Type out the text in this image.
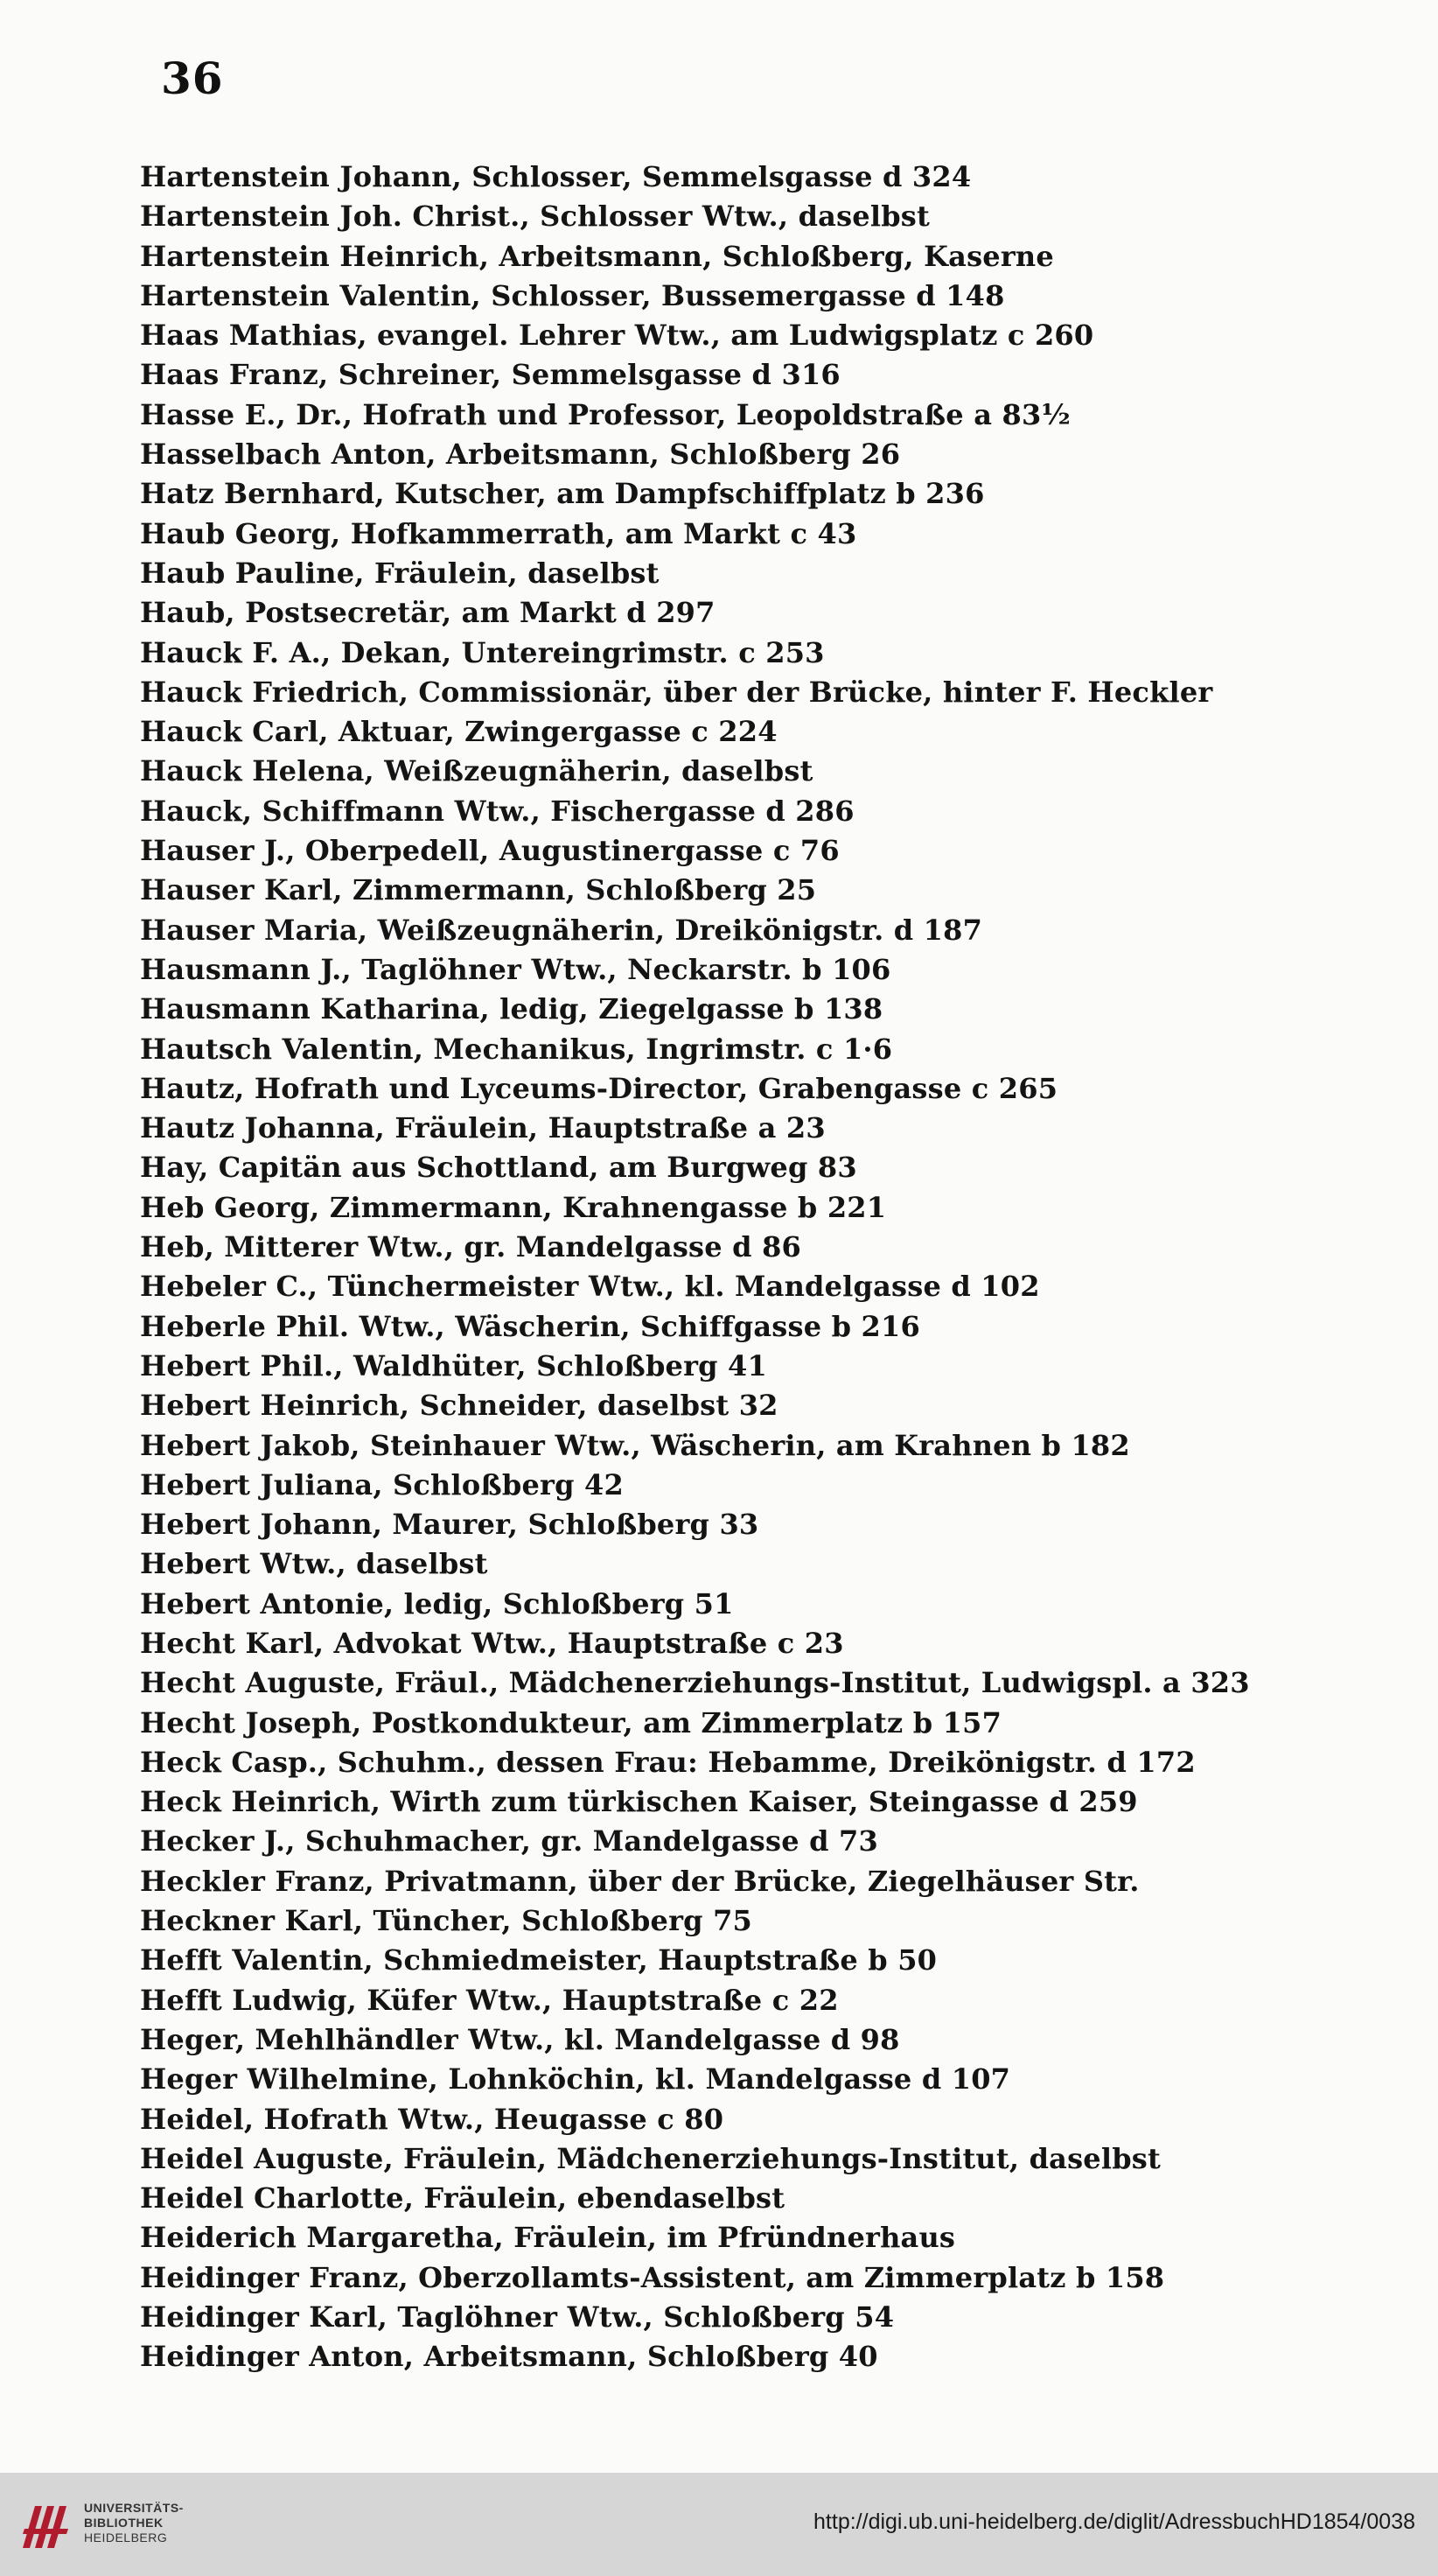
36
Hartenstein Johann, Schlosser, Semmelsgasse d 324
Hartenstein Joh. Christ., Schlosser Wtw., daselbst
Hartenstein Heinrich, Arbeitsmann, Schloßberg, Kaserne
Hartenstein Valentin, Schlosser, Bussemergasse d 148
Haas Mathias, evangel. Lehrer Wtw., am Ludwigsplatz c 260
Haas Franz, Schreiner, Semmelsgasse d 316
Hasse E., Dr., Hofrath und Professor, Leopoldstraße a 83½
Hasselbach Anton, Arbeitsmann, Schloßberg 26
Hatz Bernhard, Kutscher, am Dampfschiffplatz b 236
Haub Georg, Hofkammerrath, am Markt c 43
Haub Pauline, Fräulein, daselbst
Haub, Postsecretär, am Markt d 297
Hauck F. A., Dekan, Untereingrimstr. c 253
Hauck Friedrich, Commissionär, über der Brücke, hinter F. Heckler
Hauck Carl, Aktuar, Zwingergasse c 224
Hauck Helena, Weißzeugnäherin, daselbst
Hauck, Schiffmann Wtw., Fischergasse d 286
Hauser J., Oberpedell, Augustinergasse c 76
Hauser Karl, Zimmermann, Schloßberg 25
Hauser Maria, Weißzeugnäherin, Dreikönigstr. d 187
Hausmann J., Taglöhner Wtw., Neckarstr. b 106
Hausmann Katharina, ledig, Ziegelgasse b 138
Hautsch Valentin, Mechanikus, Ingrimstr. c 1·6
Hautz, Hofrath und Lyceums-Director, Grabengasse c 265
Hautz Johanna, Fräulein, Hauptstraße a 23
Hay, Capitän aus Schottland, am Burgweg 83
Heb Georg, Zimmermann, Krahnengasse b 221
Heb, Mitterer Wtw., gr. Mandelgasse d 86
Hebeler C., Tünchermeister Wtw., kl. Mandelgasse d 102
Heberle Phil. Wtw., Wäscherin, Schiffgasse b 216
Hebert Phil., Waldhüter, Schloßberg 41
Hebert Heinrich, Schneider, daselbst 32
Hebert Jakob, Steinhauer Wtw., Wäscherin, am Krahnen b 182
Hebert Juliana, Schloßberg 42
Hebert Johann, Maurer, Schloßberg 33
Hebert Wtw., daselbst
Hebert Antonie, ledig, Schloßberg 51
Hecht Karl, Advokat Wtw., Hauptstraße c 23
Hecht Auguste, Fräul., Mädchenerziehungs-Institut, Ludwigspl. a 323
Hecht Joseph, Postkondukteur, am Zimmerplatz b 157
Heck Casp., Schuhm., dessen Frau: Hebamme, Dreikönigstr. d 172
Heck Heinrich, Wirth zum türkischen Kaiser, Steingasse d 259
Hecker J., Schuhmacher, gr. Mandelgasse d 73
Heckler Franz, Privatmann, über der Brücke, Ziegelhäuser Str.
Heckner Karl, Tüncher, Schloßberg 75
Hefft Valentin, Schmiedmeister, Hauptstraße b 50
Hefft Ludwig, Küfer Wtw., Hauptstraße c 22
Heger, Mehlhändler Wtw., kl. Mandelgasse d 98
Heger Wilhelmine, Lohnköchin, kl. Mandelgasse d 107
Heidel, Hofrath Wtw., Heugasse c 80
Heidel Auguste, Fräulein, Mädchenerziehungs-Institut, daselbst
Heidel Charlotte, Fräulein, ebendaselbst
Heiderich Margaretha, Fräulein, im Pfründnerhaus
Heidinger Franz, Oberzollamts-Assistent, am Zimmerplatz b 158
Heidinger Karl, Taglöhner Wtw., Schloßberg 54
Heidinger Anton, Arbeitsmann, Schloßberg 40
UNIVERSITÄTS-
BIBLIOTHEK
HEIDELBERG
http://digi.ub.uni-heidelberg.de/diglit/AdressbuchHD1854/0038
